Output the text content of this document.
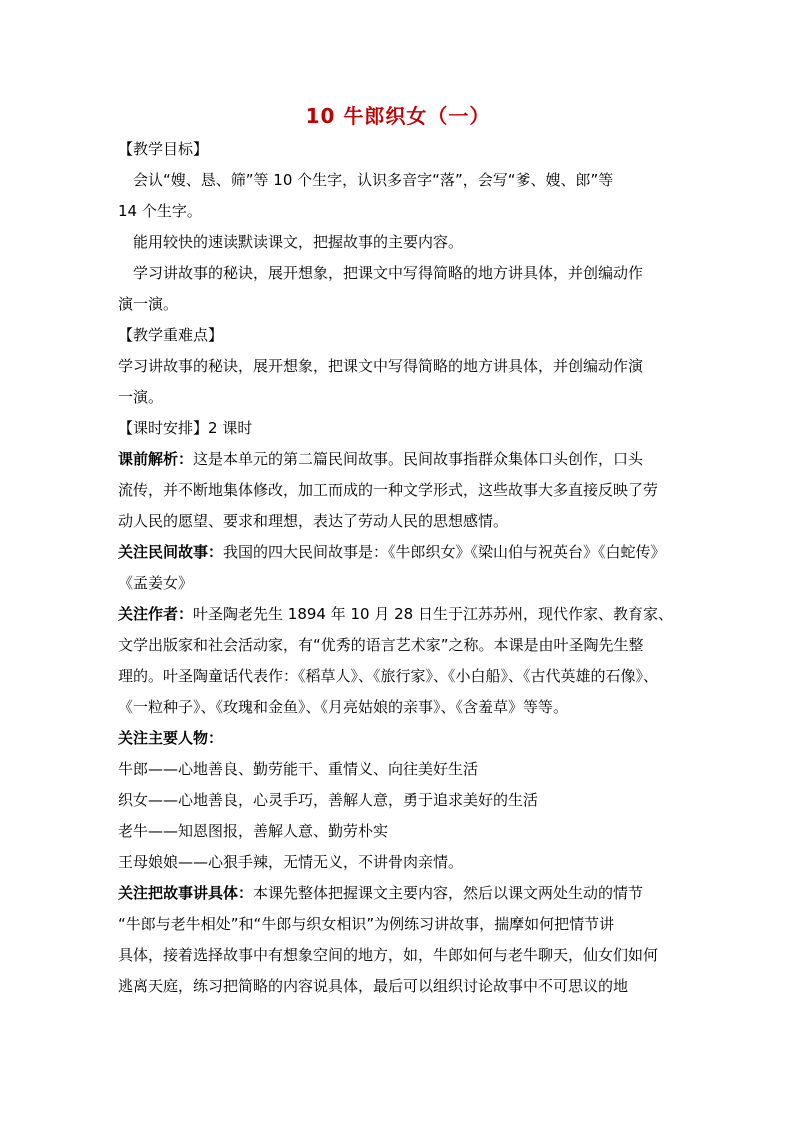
10 牛郎织女（一）
【教学目标】
会认“嫂、恳、筛”等 10 个生字，认识多音字“落”，会写“爹、嫂、郎”等
14 个生字。
能用较快的速读默读课文，把握故事的主要内容。
学习讲故事的秘诀，展开想象，把课文中写得简略的地方讲具体，并创编动作
演一演。
【教学重难点】
学习讲故事的秘诀，展开想象，把课文中写得简略的地方讲具体，并创编动作演
一演。
【课时安排】2 课时
课前解析：这是本单元的第二篇民间故事。民间故事指群众集体口头创作，口头
流传，并不断地集体修改，加工而成的一种文学形式，这些故事大多直接反映了劳
动人民的愿望、要求和理想，表达了劳动人民的思想感情。
关注民间故事：我国的四大民间故事是：《牛郎织女》《梁山伯与祝英台》《白蛇传》
《孟姜女》
关注作者：叶圣陶老先生 1894 年 10 月 28 日生于江苏苏州，现代作家、教育家、
文学出版家和社会活动家，有“优秀的语言艺术家”之称。本课是由叶圣陶先生整
理的。叶圣陶童话代表作：《稻草人》、《旅行家》、《小白船》、《古代英雄的石像》、
《一粒种子》、《玫瑰和金鱼》、《月亮姑娘的亲事》、《含羞草》等等。
关注主要人物：
牛郎——心地善良、勤劳能干、重情义、向往美好生活
织女——心地善良，心灵手巧，善解人意，勇于追求美好的生活
老牛——知恩图报，善解人意、勤劳朴实
王母娘娘——心狠手辣，无情无义，不讲骨肉亲情。
关注把故事讲具体：本课先整体把握课文主要内容，然后以课文两处生动的情节
“牛郎与老牛相处”和“牛郎与织女相识”为例练习讲故事，揣摩如何把情节讲
具体，接着选择故事中有想象空间的地方，如，牛郎如何与老牛聊天，仙女们如何
逃离天庭，练习把简略的内容说具体，最后可以组织讨论故事中不可思议的地
